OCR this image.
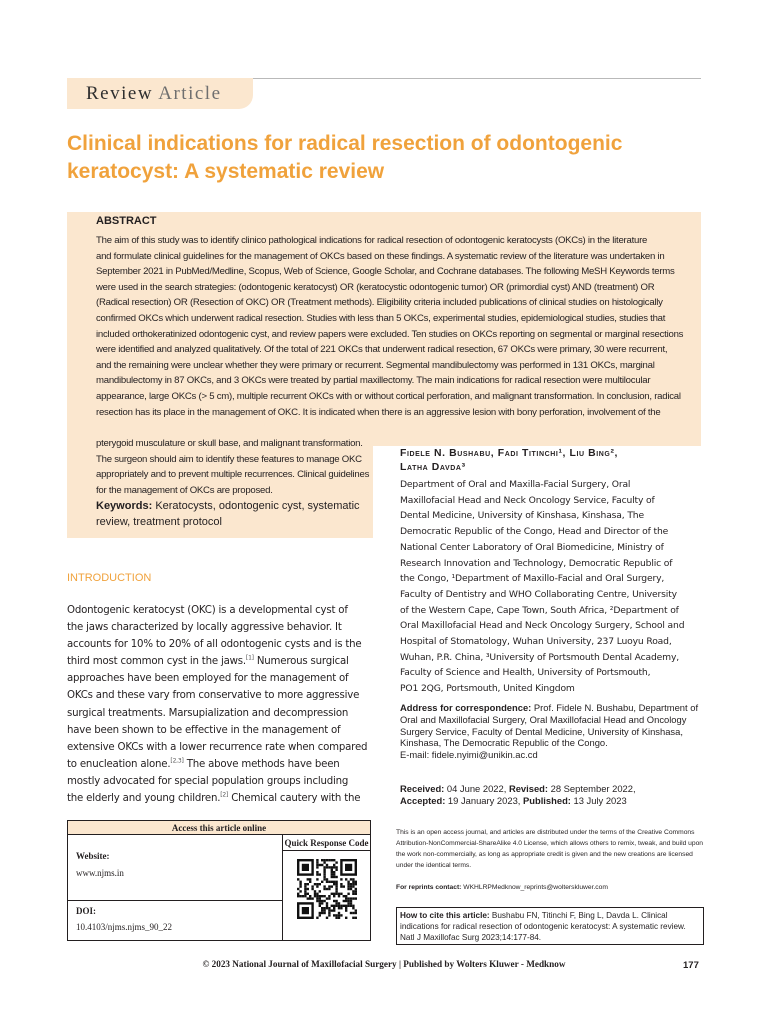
Review Article
Clinical indications for radical resection of odontogenic keratocyst: A systematic review
ABSTRACT
The aim of this study was to identify clinico pathological indications for radical resection of odontogenic keratocysts (OKCs) in the literature
and formulate clinical guidelines for the management of OKCs based on these findings. A systematic review of the literature was undertaken in
September 2021 in PubMed/Medline, Scopus, Web of Science, Google Scholar, and Cochrane databases. The following MeSH Keywords terms
were used in the search strategies: (odontogenic keratocyst) OR (keratocystic odontogenic tumor) OR (primordial cyst) AND (treatment) OR
(Radical resection) OR (Resection of OKC) OR (Treatment methods). Eligibility criteria included publications of clinical studies on histologically
confirmed OKCs which underwent radical resection. Studies with less than 5 OKCs, experimental studies, epidemiological studies, studies that
included orthokeratinized odontogenic cyst, and review papers were excluded. Ten studies on OKCs reporting on segmental or marginal resections
were identified and analyzed qualitatively. Of the total of 221 OKCs that underwent radical resection, 67 OKCs were primary, 30 were recurrent,
and the remaining were unclear whether they were primary or recurrent. Segmental mandibulectomy was performed in 131 OKCs, marginal
mandibulectomy in 87 OKCs, and 3 OKCs were treated by partial maxillectomy. The main indications for radical resection were multilocular
appearance, large OKCs (> 5 cm), multiple recurrent OKCs with or without cortical perforation, and malignant transformation. In conclusion, radical
resection has its place in the management of OKC. It is indicated when there is an aggressive lesion with bony perforation, involvement of the
pterygoid musculature or skull base, and malignant transformation.
The surgeon should aim to identify these features to manage OKC
appropriately and to prevent multiple recurrences. Clinical guidelines
for the management of OKCs are proposed.
Keywords: Keratocysts, odontogenic cyst, systematic
review, treatment protocol
INTRODUCTION
Odontogenic keratocyst (OKC) is a developmental cyst of
the jaws characterized by locally aggressive behavior. It
accounts for 10% to 20% of all odontogenic cysts and is the
third most common cyst in the jaws.[1] Numerous surgical
approaches have been employed for the management of
OKCs and these vary from conservative to more aggressive
surgical treatments. Marsupialization and decompression
have been shown to be effective in the management of
extensive OKCs with a lower recurrence rate when compared
to enucleation alone.[2,3] The above methods have been
mostly advocated for special population groups including
the elderly and young children.[2] Chemical cautery with the
Fidele N. Bushabu, Fadi Titinchi¹, Liu Bing²,
Latha Davda³
Department of Oral and Maxilla-Facial Surgery, Oral
Maxillofacial Head and Neck Oncology Service, Faculty of
Dental Medicine, University of Kinshasa, Kinshasa, The
Democratic Republic of the Congo, Head and Director of the
National Center Laboratory of Oral Biomedicine, Ministry of
Research Innovation and Technology, Democratic Republic of
the Congo, ¹Department of Maxillo-Facial and Oral Surgery,
Faculty of Dentistry and WHO Collaborating Centre, University
of the Western Cape, Cape Town, South Africa, ²Department of
Oral Maxillofacial Head and Neck Oncology Surgery, School and
Hospital of Stomatology, Wuhan University, 237 Luoyu Road,
Wuhan, P.R. China, ³University of Portsmouth Dental Academy,
Faculty of Science and Health, University of Portsmouth,
PO1 2QG, Portsmouth, United Kingdom
Address for correspondence: Prof. Fidele N. Bushabu, Department of Oral and Maxillofacial Surgery, Oral Maxillofacial Head and Oncology Surgery Service, Faculty of Dental Medicine, University of Kinshasa, Kinshasa, The Democratic Republic of the Congo.
E-mail: fidele.nyimi@unikin.ac.cd
Received: 04 June 2022, Revised: 28 September 2022,
Accepted: 19 January 2023, Published: 13 July 2023
Access this article online
Website:
www.njms.in
DOI:
10.4103/njms.njms_90_22
Quick Response Code
This is an open access journal, and articles are distributed under the terms of the Creative Commons Attribution-NonCommercial-ShareAlike 4.0 License, which allows others to remix, tweak, and build upon the work non-commercially, as long as appropriate credit is given and the new creations are licensed under the identical terms.
For reprints contact: WKHLRPMedknow_reprints@wolterskluwer.com
How to cite this article: Bushabu FN, Titinchi F, Bing L, Davda L. Clinical indications for radical resection of odontogenic keratocyst: A systematic review. Natl J Maxillofac Surg 2023;14:177-84.
© 2023 National Journal of Maxillofacial Surgery | Published by Wolters Kluwer - Medknow	177
